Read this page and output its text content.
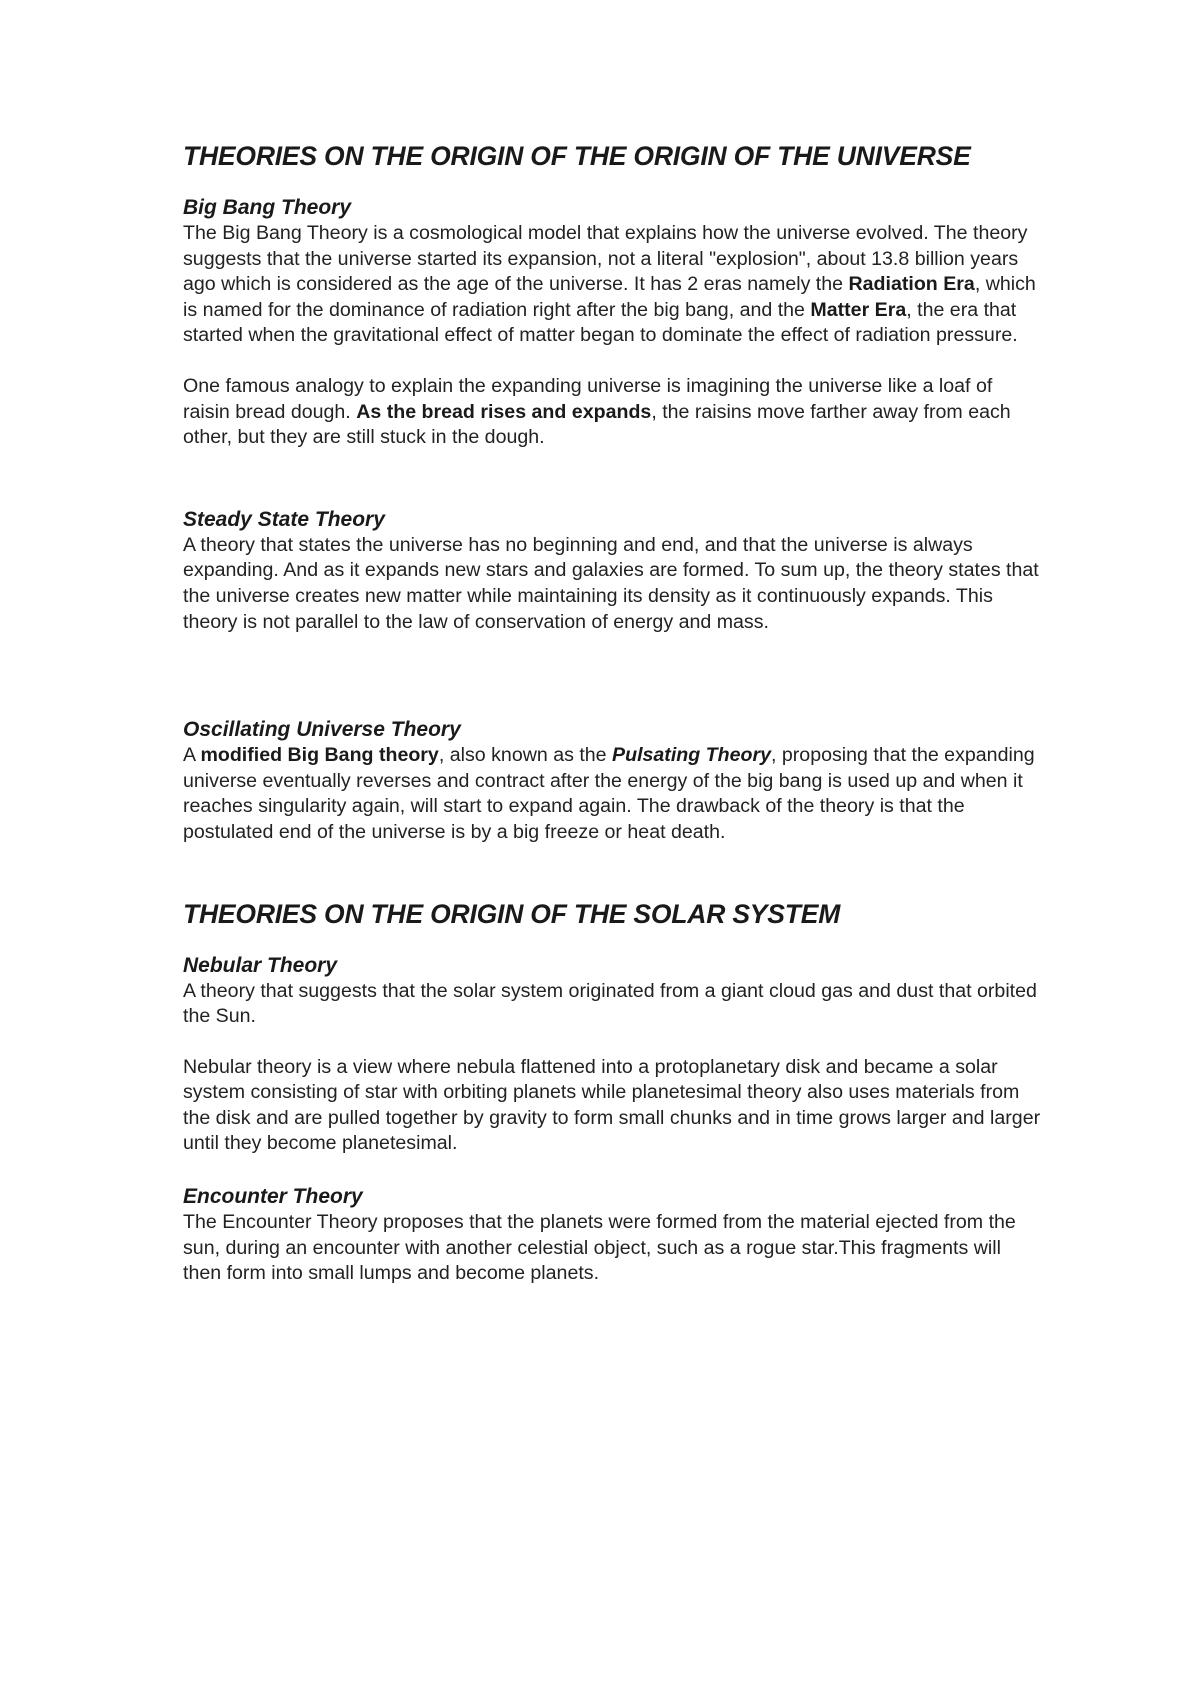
THEORIES ON THE ORIGIN OF THE ORIGIN OF THE UNIVERSE
Big Bang Theory

The Big Bang Theory is a cosmological model that explains how the universe evolved. The theory suggests that the universe started its expansion, not a literal "explosion", about 13.8 billion years ago which is considered as the age of the universe. It has 2 eras namely the Radiation Era, which is named for the dominance of radiation right after the big bang, and the Matter Era, the era that started when the gravitational effect of matter began to dominate the effect of radiation pressure.

One famous analogy to explain the expanding universe is imagining the universe like a loaf of raisin bread dough. As the bread rises and expands, the raisins move farther away from each other, but they are still stuck in the dough.

Steady State Theory

A theory that states the universe has no beginning and end, and that the universe is always expanding. And as it expands new stars and galaxies are formed. To sum up, the theory states that the universe creates new matter while maintaining its density as it continuously expands. This theory is not parallel to the law of conservation of energy and mass.

Oscillating Universe Theory

A modified Big Bang theory, also known as the Pulsating Theory, proposing that the expanding universe eventually reverses and contract after the energy of the big bang is used up and when it reaches singularity again, will start to expand again. The drawback of the theory is that the postulated end of the universe is by a big freeze or heat death.

THEORIES ON THE ORIGIN OF THE SOLAR SYSTEM
Nebular Theory

A theory that suggests that the solar system originated from a giant cloud gas and dust that orbited the Sun.

Nebular theory is a view where nebula flattened into a protoplanetary disk and became a solar system consisting of star with orbiting planets while planetesimal theory also uses materials from the disk and are pulled together by gravity to form small chunks and in time grows larger and larger until they become planetesimal.

Encounter Theory

The Encounter Theory proposes that the planets were formed from the material ejected from the sun, during an encounter with another celestial object, such as a rogue star.This fragments will then form into small lumps and become planets.
